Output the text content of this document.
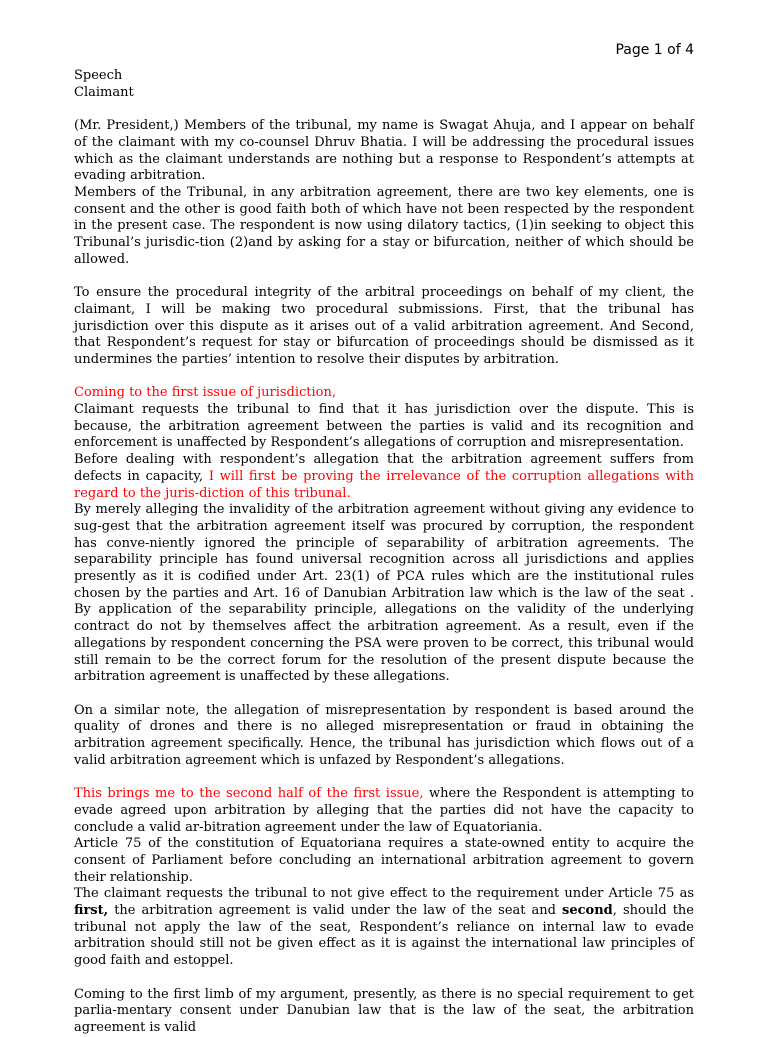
Page 1 of 4

Speech

Claimant

(Mr. President,) Members of the tribunal, my name is Swagat Ahuja, and I appear on behalf of the claimant with my co-counsel Dhruv Bhatia. I will be addressing the procedural issues which as the claimant understands are nothing but a response to Respondent’s attempts at evading arbitration.

Members of the Tribunal, in any arbitration agreement, there are two key elements, one is consent and the other is good faith both of which have not been respected by the respondent in the present case. The respondent is now using dilatory tactics, (1)in seeking to object this Tribunal’s jurisdic-tion (2)and by asking for a stay or bifurcation, neither of which should be allowed.

To ensure the procedural integrity of the arbitral proceedings on behalf of my client, the claimant, I will be making two procedural submissions. First, that the tribunal has jurisdiction over this dispute as it arises out of a valid arbitration agreement. And Second, that Respondent’s request for stay or bifurcation of proceedings should be dismissed as it undermines the parties’ intention to resolve their disputes by arbitration.

Coming to the first issue of jurisdiction,

Claimant requests the tribunal to find that it has jurisdiction over the dispute. This is because, the arbitration agreement between the parties is valid and its recognition and enforcement is unaffected by Respondent’s allegations of corruption and misrepresentation.

Before dealing with respondent’s allegation that the arbitration agreement suffers from defects in capacity, I will first be proving the irrelevance of the corruption allegations with regard to the juris-diction of this tribunal.

By merely alleging the invalidity of the arbitration agreement without giving any evidence to sug-gest that the arbitration agreement itself was procured by corruption, the respondent has conve-niently ignored the principle of separability of arbitration agreements. The separability principle has found universal recognition across all jurisdictions and applies presently as it is codified under Art. 23(1) of PCA rules which are the institutional rules chosen by the parties and Art. 16 of Danubian Arbitration law which is the law of the seat . By application of the separability principle, allegations on the validity of the underlying contract do not by themselves affect the arbitration agreement. As a result, even if the allegations by respondent concerning the PSA were proven to be correct, this tribunal would still remain to be the correct forum for the resolution of the present dispute because the arbitration agreement is unaffected by these allegations.

On a similar note, the allegation of misrepresentation by respondent is based around the quality of drones and there is no alleged misrepresentation or fraud in obtaining the arbitration agreement specifically. Hence, the tribunal has jurisdiction which flows out of a valid arbitration agreement which is unfazed by Respondent’s allegations.

This brings me to the second half of the first issue, where the Respondent is attempting to evade agreed upon arbitration by alleging that the parties did not have the capacity to conclude a valid ar-bitration agreement under the law of Equatoriania.

Article 75 of the constitution of Equatoriana requires a state-owned entity to acquire the consent of Parliament before concluding an international arbitration agreement to govern their relationship.

The claimant requests the tribunal to not give effect to the requirement under Article 75 as first, the arbitration agreement is valid under the law of the seat and second, should the tribunal not apply the law of the seat, Respondent’s reliance on internal law to evade arbitration should still not be given effect as it is against the international law principles of good faith and estoppel.

Coming to the first limb of my argument, presently, as there is no special requirement to get parlia-mentary consent under Danubian law that is the law of the seat, the arbitration agreement is valid
